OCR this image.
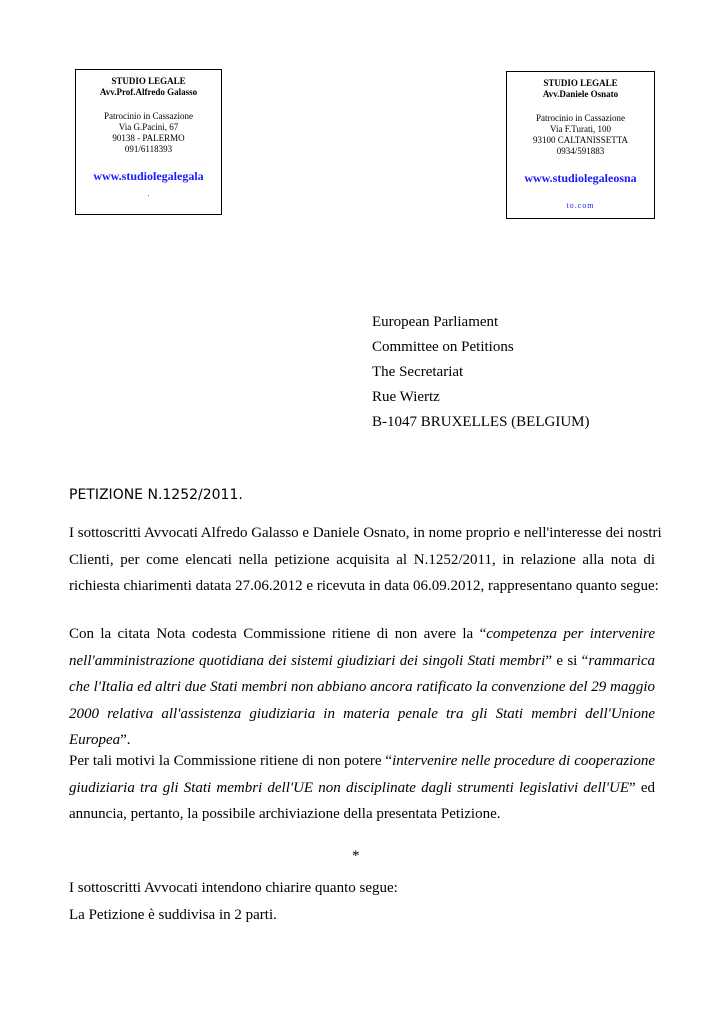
STUDIO LEGALE
Avv.Prof.Alfredo Galasso
Patrocinio in Cassazione
Via G.Pacini, 67
90138 - PALERMO
091/6118393
www.studiolegalegala
.
STUDIO LEGALE
Avv.Daniele Osnato
Patrocinio in Cassazione
Via F.Turati, 100
93100 CALTANISSETTA
0934/591883
www.studiolegaleosna
to.com
European Parliament
Committee on Petitions
The Secretariat
Rue Wiertz
B-1047 BRUXELLES (BELGIUM)
PETIZIONE N.1252/2011.
I sottoscritti Avvocati Alfredo Galasso e Daniele Osnato, in nome proprio e nell'interesse dei nostri
Clienti, per come elencati nella petizione acquisita al N.1252/2011, in relazione alla nota di
richiesta chiarimenti datata 27.06.2012 e ricevuta in data 06.09.2012, rappresentano quanto segue:
Con la citata Nota codesta Commissione ritiene di non avere la “competenza per intervenire
nell'amministrazione quotidiana dei sistemi giudiziari dei singoli Stati membri” e si “rammarica
che l'Italia ed altri due Stati membri non abbiano ancora ratificato la convenzione del 29 maggio
2000 relativa all'assistenza giudiziaria in materia penale tra gli Stati membri dell'Unione
Europea”.
Per tali motivi la Commissione ritiene di non potere “intervenire nelle procedure di cooperazione
giudiziaria tra gli Stati membri dell'UE non disciplinate dagli strumenti legislativi dell'UE” ed
annuncia, pertanto, la possibile archiviazione della presentata Petizione.
*
I sottoscritti Avvocati intendono chiarire quanto segue:
La Petizione è suddivisa in 2 parti.
